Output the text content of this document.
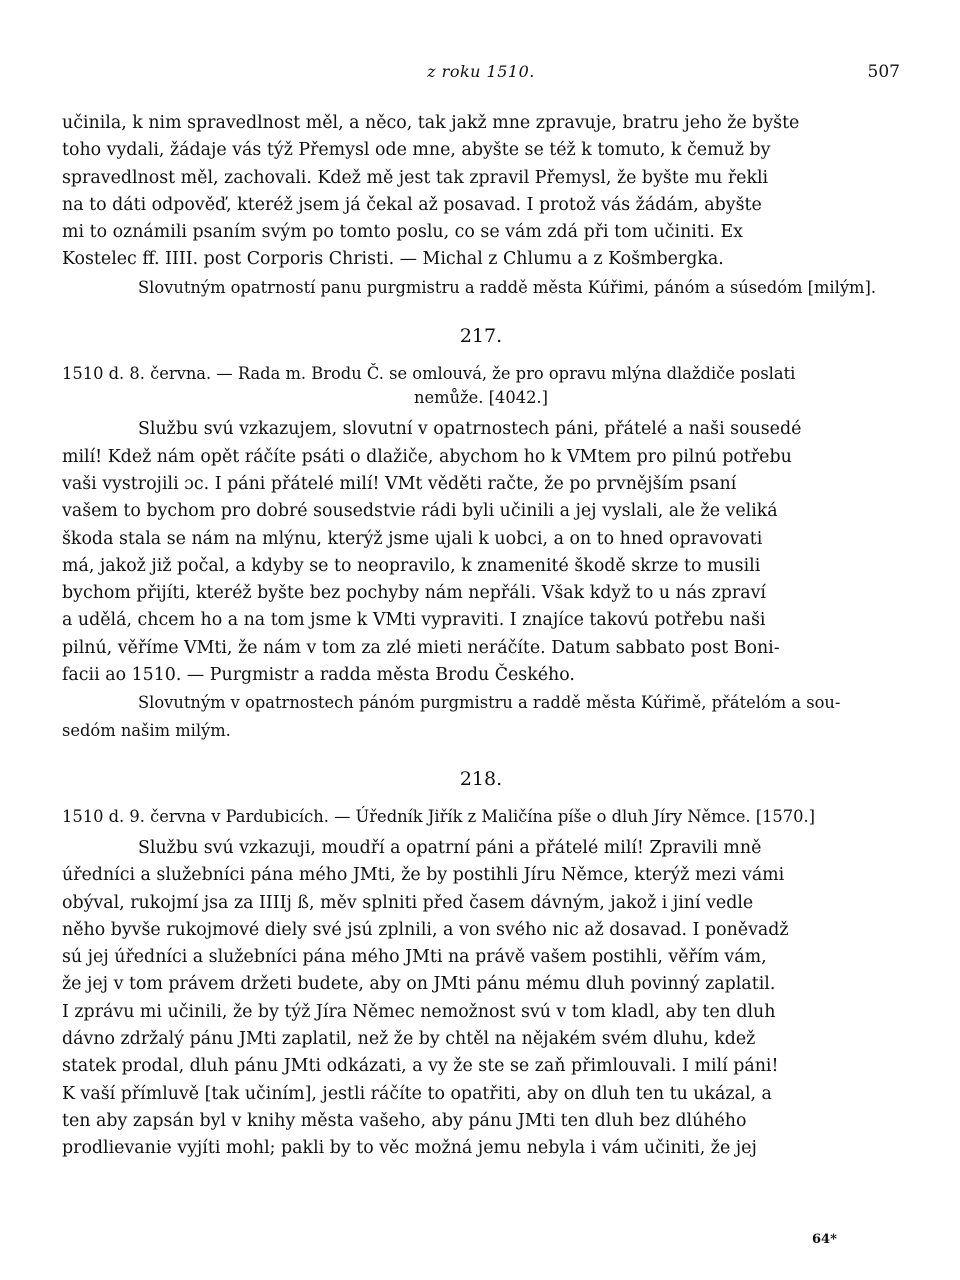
z roku 1510.	507

učinila, k nim spravedlnost měl, a něco, tak jakž mne zpravuje, bratru jeho že byšte

toho vydali, žádaje vás týž Přemysl ode mne, abyšte se též k tomuto, k čemuž by

spravedlnost měl, zachovali. Kdež mě jest tak zpravil Přemysl, že byšte mu řekli

na to dáti odpověď, kteréž jsem já čekal až posavad. I protož vás žádám, abyšte

mi to oznámili psaním svým po tomto poslu, co se vám zdá při tom učiniti. Ex

Kostelec ff. IIII. post Corporis Christi. — Michal z Chlumu a z Košmbergka.

Slovutným opatrností panu purgmistru a raddě města Kúřimi, pánóm a súsedóm [milým].

217.

1510 d. 8. června. — Rada m. Brodu Č. se omlouvá, že pro opravu mlýna dlaždiče poslati

nemůže. [4042.]

Službu svú vzkazujem, slovutní v opatrnostech páni, přátelé a naši sousedé

milí! Kdež nám opět ráčíte psáti o dlažiče, abychom ho k VMtem pro pilnú potřebu

vaši vystrojili ɔc. I páni přátelé milí! VMt věděti račte, že po prvnějším psaní

vašem to bychom pro dobré sousedstvie rádi byli učinili a jej vyslali, ale že veliká

škoda stala se nám na mlýnu, kterýž jsme ujali k uobci, a on to hned opravovati

má, jakož již počal, a kdyby se to neopravilo, k znamenité škodě skrze to musili

bychom přijíti, kteréž byšte bez pochyby nám nepřáli. Však když to u nás zpraví

a udělá, chcem ho a na tom jsme k VMti vypraviti. I znajíce takovú potřebu naši

pilnú, věříme VMti, že nám v tom za zlé mieti neráčíte. Datum sabbato post Boni-

facii ao 1510. — Purgmistr a radda města Brodu Českého.

Slovutným v opatrnostech pánóm purgmistru a raddě města Kúřimě, přátelóm a sou-

sedóm našim milým.

218.

1510 d. 9. června v Pardubicích. — Úředník Jiřík z Maličína píše o dluh Jíry Němce. [1570.]

Službu svú vzkazuji, moudří a opatrní páni a přátelé milí! Zpravili mně

úředníci a služebníci pána mého JMti, že by postihli Jíru Němce, kterýž mezi vámi

obýval, rukojmí jsa za IIIIj ß, měv splniti před časem dávným, jakož i jiní vedle

něho byvše rukojmové diely své jsú zplnili, a von svého nic až dosavad. I poněvadž

sú jej úředníci a služebníci pána mého JMti na právě vašem postihli, věřím vám,

že jej v tom právem držeti budete, aby on JMti pánu mému dluh povinný zaplatil.

I zprávu mi učinili, že by týž Jíra Němec nemožnost svú v tom kladl, aby ten dluh

dávno zdržalý pánu JMti zaplatil, než že by chtěl na nějakém svém dluhu, kdež

statek prodal, dluh pánu JMti odkázati, a vy že ste se zaň přimlouvali. I milí páni!

K vaší přímluvě [tak učiním], jestli ráčíte to opatřiti, aby on dluh ten tu ukázal, a

ten aby zapsán byl v knihy města vašeho, aby pánu JMti ten dluh bez dlúhého

prodlievanie vyjíti mohl; pakli by to věc možná jemu nebyla i vám učiniti, že jej

64*
